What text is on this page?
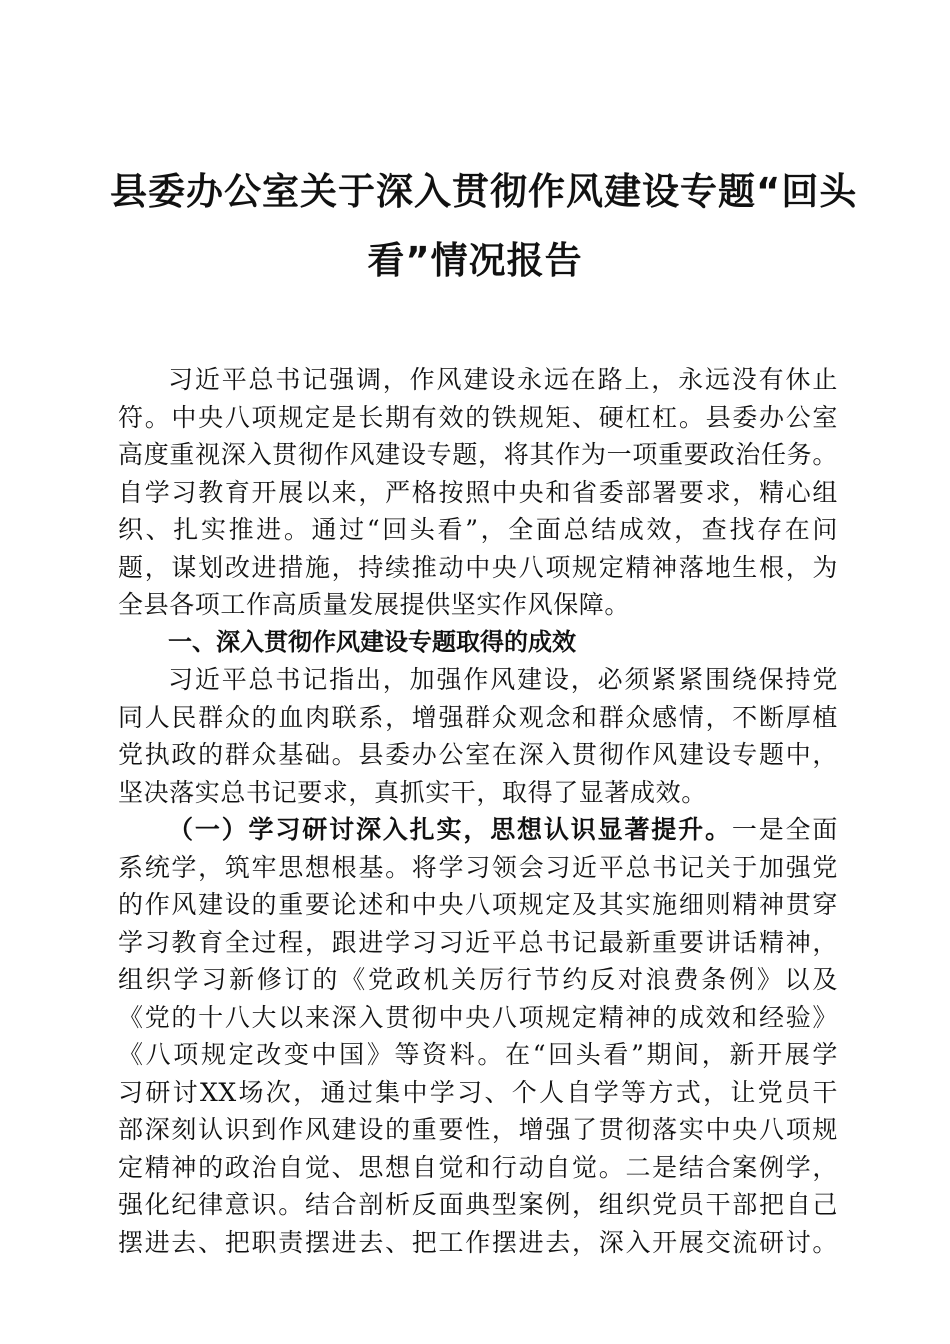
县委办公室关于深入贯彻作风建设专题“回头
看”情况报告
习近平总书记强调，作风建设永远在路上，永远没有休止
符。中央八项规定是长期有效的铁规矩、硬杠杠。县委办公室
高度重视深入贯彻作风建设专题，将其作为一项重要政治任务。
自学习教育开展以来，严格按照中央和省委部署要求，精心组
织、扎实推进。通过“回头看”，全面总结成效，查找存在问
题，谋划改进措施，持续推动中央八项规定精神落地生根，为
全县各项工作高质量发展提供坚实作风保障。
一、深入贯彻作风建设专题取得的成效
习近平总书记指出，加强作风建设，必须紧紧围绕保持党
同人民群众的血肉联系，增强群众观念和群众感情，不断厚植
党执政的群众基础。县委办公室在深入贯彻作风建设专题中，
坚决落实总书记要求，真抓实干，取得了显著成效。
（一）学习研讨深入扎实，思想认识显著提升。一是全面
系统学，筑牢思想根基。将学习领会习近平总书记关于加强党
的作风建设的重要论述和中央八项规定及其实施细则精神贯穿
学习教育全过程，跟进学习习近平总书记最新重要讲话精神，
组织学习新修订的《党政机关厉行节约反对浪费条例》以及
《党的十八大以来深入贯彻中央八项规定精神的成效和经验》
《八项规定改变中国》等资料。在“回头看”期间，新开展学
习研讨XX场次，通过集中学习、个人自学等方式，让党员干
部深刻认识到作风建设的重要性，增强了贯彻落实中央八项规
定精神的政治自觉、思想自觉和行动自觉。二是结合案例学，
强化纪律意识。结合剖析反面典型案例，组织党员干部把自己
摆进去、把职责摆进去、把工作摆进去，深入开展交流研讨。
